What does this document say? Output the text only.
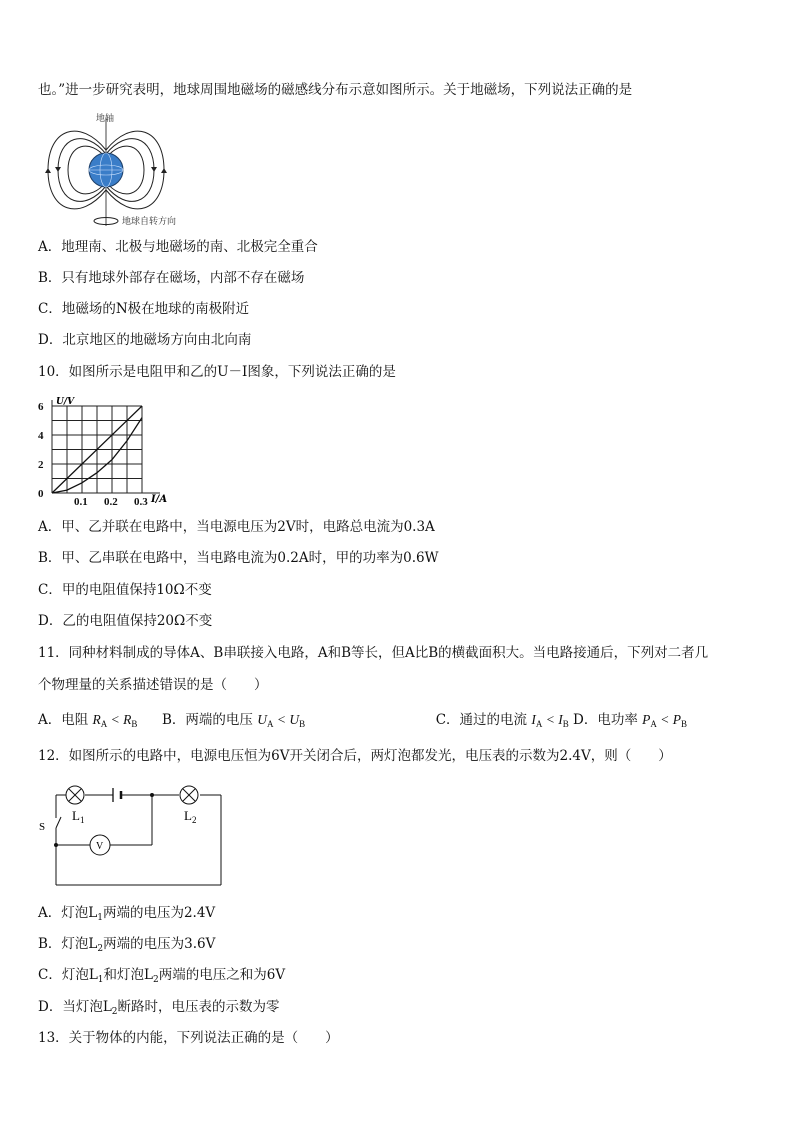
也。”进一步研究表明，地球周围地磁场的磁感线分布示意如图所示。关于地磁场，下列说法正确的是
地轴
地球自转方向
A．地理南、北极与地磁场的南、北极完全重合
B．只有地球外部存在磁场，内部不存在磁场
C．地磁场的N极在地球的南极附近
D．北京地区的地磁场方向由北向南
10．如图所示是电阻甲和乙的U－I图象，下列说法正确的是
0
2
4
6
0.1 0.2 0.3
U/V
I/A
A．甲、乙并联在电路中，当电源电压为2V时，电路总电流为0.3A
B．甲、乙串联在电路中，当电路电流为0.2A时，甲的功率为0.6W
C．甲的电阻值保持10Ω不变
D．乙的电阻值保持20Ω不变
11．同种材料制成的导体A、B串联接入电路，A和B等长，但A比B的横截面积大。当电路接通后，下列对二者几
个物理量的关系描述错误的是（　　）
A．电阻 $R_A < R_B$ B．两端的电压 $U_A < U_B$	C．通过的电流 $I_A < I_B$ D．电功率 $P_A < P_B$
12．如图所示的电路中，电源电压恒为6V开关闭合后，两灯泡都发光，电压表的示数为2.4V，则（　　）
V
S
$L_1$	$L_2$
A．灯泡$L_1$两端的电压为2.4V
B．灯泡$L_2$两端的电压为3.6V
C．灯泡$L_1$和灯泡$L_2$两端的电压之和为6V
D．当灯泡$L_2$断路时，电压表的示数为零
13．关于物体的内能，下列说法正确的是（　　）
